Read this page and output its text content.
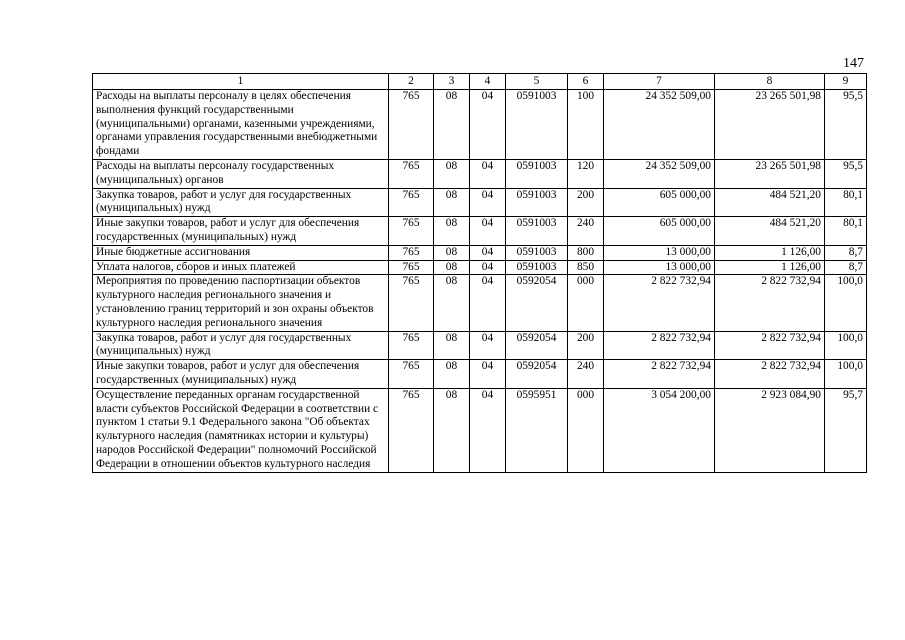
147
1	2	3	4	5	6	7	8	9
Расходы на выплаты персоналу в целях обеспечения выполнения функций государственными (муниципальными) органами, казенными учреждениями, органами управления государственными внебюджетными фондами	765	08	04	0591003	100	24 352 509,00	23 265 501,98	95,5
Расходы на выплаты персоналу государственных (муниципальных) органов	765	08	04	0591003	120	24 352 509,00	23 265 501,98	95,5
Закупка товаров, работ и услуг для государственных (муниципальных) нужд	765	08	04	0591003	200	605 000,00	484 521,20	80,1
Иные закупки товаров, работ и услуг для обеспечения государственных (муниципальных) нужд	765	08	04	0591003	240	605 000,00	484 521,20	80,1
Иные бюджетные ассигнования	765	08	04	0591003	800	13 000,00	1 126,00	8,7
Уплата налогов, сборов и иных платежей	765	08	04	0591003	850	13 000,00	1 126,00	8,7
Мероприятия по проведению паспортизации объектов культурного наследия регионального значения и установлению границ территорий и зон охраны объектов культурного наследия регионального значения	765	08	04	0592054	000	2 822 732,94	2 822 732,94	100,0
Закупка товаров, работ и услуг для государственных (муниципальных) нужд	765	08	04	0592054	200	2 822 732,94	2 822 732,94	100,0
Иные закупки товаров, работ и услуг для обеспечения государственных (муниципальных) нужд	765	08	04	0592054	240	2 822 732,94	2 822 732,94	100,0
Осуществление переданных органам государственной власти субъектов Российской Федерации в соответствии с пунктом 1 статьи 9.1 Федерального закона "Об объектах культурного наследия (памятниках истории и культуры) народов Российской Федерации" полномочий Российской Федерации в отношении объектов культурного наследия	765	08	04	0595951	000	3 054 200,00	2 923 084,90	95,7
